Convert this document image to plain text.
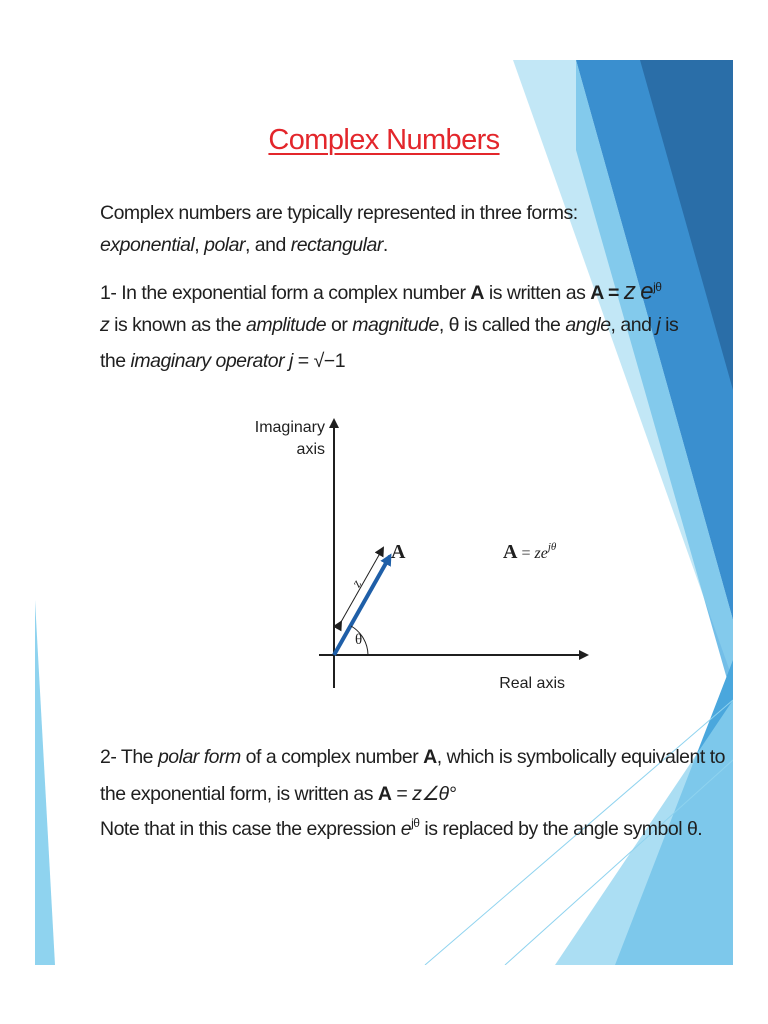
Complex Numbers
Complex numbers are typically represented in three forms:
exponential, polar, and rectangular.
1- In the exponential form a complex number A is written as A = z $e^{j\theta}$
z is known as the amplitude or magnitude, θ is called the angle, and j is
the imaginary operator j = √−1
Imaginary
axis
Real axis
z
θ
A	$A = ze^{j\theta}$
2- The polar form of a complex number A, which is symbolically equivalent to
the exponential form, is written as A = z∠θ°
Note that in this case the expression $e^{j\theta}$ is replaced by the angle symbol θ.
